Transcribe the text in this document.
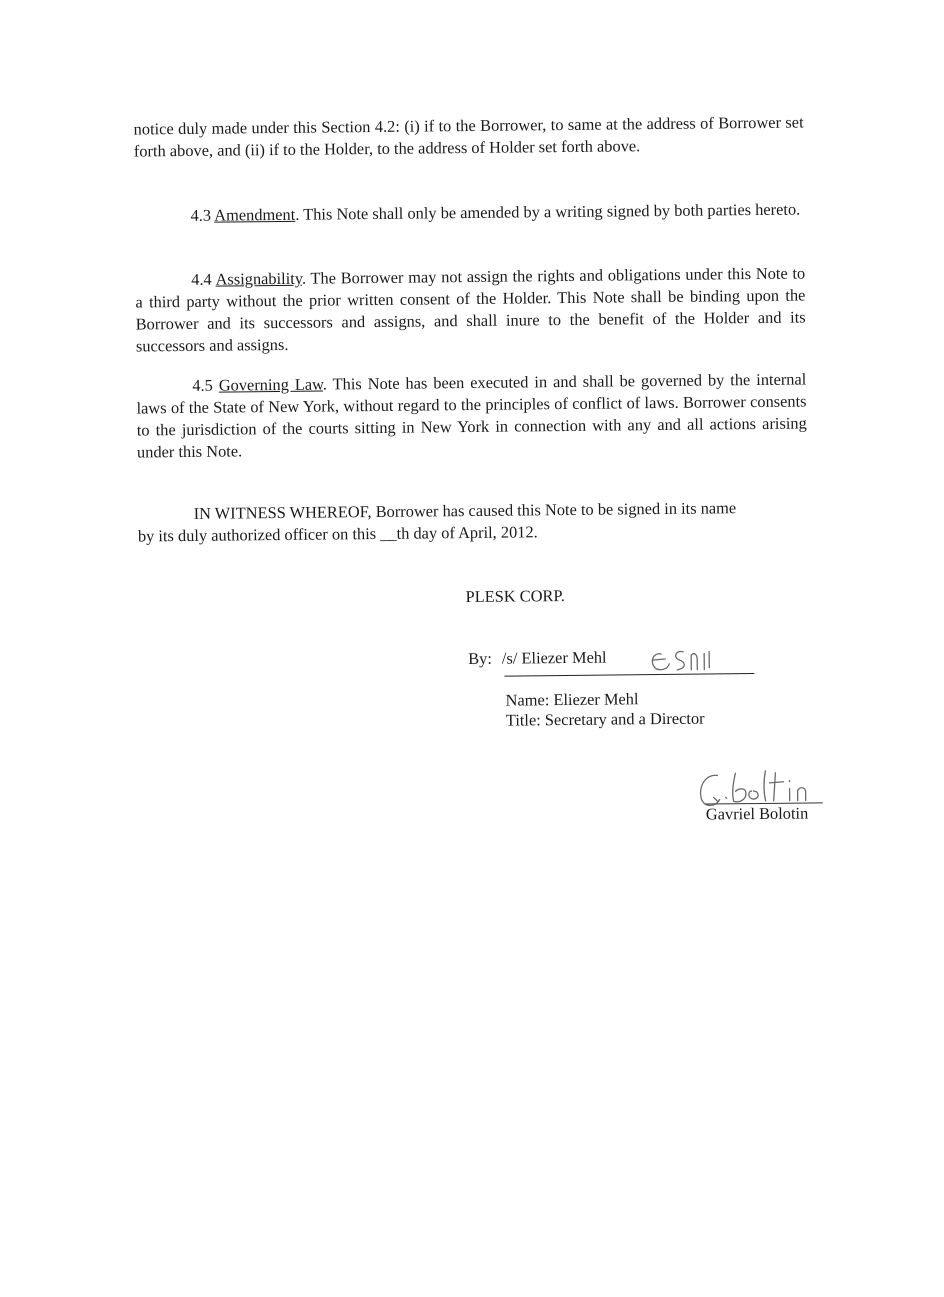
notice duly made under this Section 4.2: (i) if to the Borrower, to same at the address of Borrower set forth above, and (ii) if to the Holder, to the address of Holder set forth above.
4.3 Amendment. This Note shall only be amended by a writing signed by both parties hereto.
4.4 Assignability. The Borrower may not assign the rights and obligations under this Note to a third party without the prior written consent of the Holder. This Note shall be binding upon the Borrower and its successors and assigns, and shall inure to the benefit of the Holder and its successors and assigns.
4.5 Governing Law. This Note has been executed in and shall be governed by the internal laws of the State of New York, without regard to the principles of conflict of laws. Borrower consents to the jurisdiction of the courts sitting in New York in connection with any and all actions arising under this Note.
IN WITNESS WHEREOF, Borrower has caused this Note to be signed in its name by its duly authorized officer on this __th day of April, 2012.
PLESK CORP.
By: /s/ Eliezer Mehl
Name: Eliezer Mehl
Title: Secretary and a Director
Gavriel Bolotin
